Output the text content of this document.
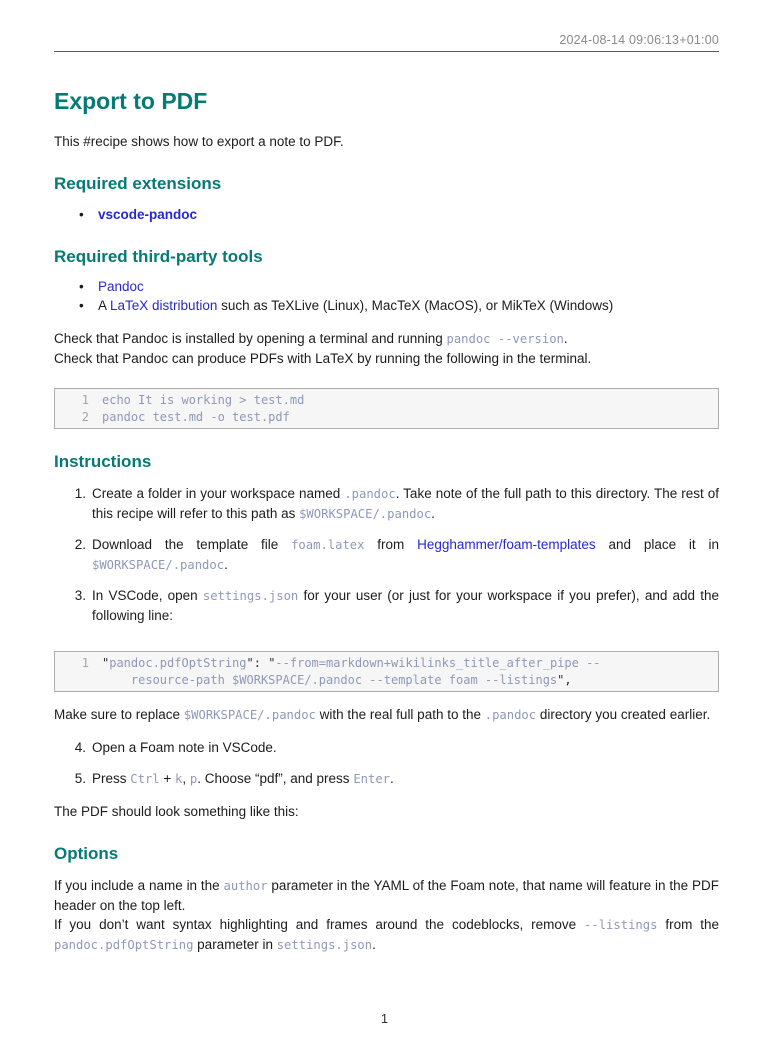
2024-08-14 09:06:13+01:00
Export to PDF

This #recipe shows how to export a note to PDF.

Required extensions
•	vscode-pandoc
Required third-party tools
•	Pandoc
•	A LaTeX distribution such as TeXLive (Linux), MacTeX (MacOS), or MikTeX (Windows)

Check that Pandoc is installed by opening a terminal and running pandoc --version.
Check that Pandoc can produce PDFs with LaTeX by running the following in the terminal.

1 echo It is working > test.md
2 pandoc test.md -o test.pdf
Instructions
1. Create a folder in your workspace named .pandoc. Take note of the full path to this directory. The rest of this recipe will refer to this path as $WORKSPACE/.pandoc.
2. Download the template file foam.latex from Hegghammer/foam-templates and place it in $WORKSPACE/.pandoc.
3. In VSCode, open settings.json for your user (or just for your workspace if you prefer), and add the following line:
1 "pandoc.pdfOptString": "--from=markdown+wikilinks_title_after_pipe --
resource-path $WORKSPACE/.pandoc --template foam --listings",

Make sure to replace $WORKSPACE/.pandoc with the real full path to the .pandoc directory you created earlier.

4. Open a Foam note in VSCode.
5. Press Ctrl + k, p. Choose “pdf”, and press Enter.

The PDF should look something like this:

Options

If you include a name in the author parameter in the YAML of the Foam note, that name will feature in the PDF header on the top left.
If you don’t want syntax highlighting and frames around the codeblocks, remove --listings from the pandoc.pdfOptString parameter in settings.json.

1
